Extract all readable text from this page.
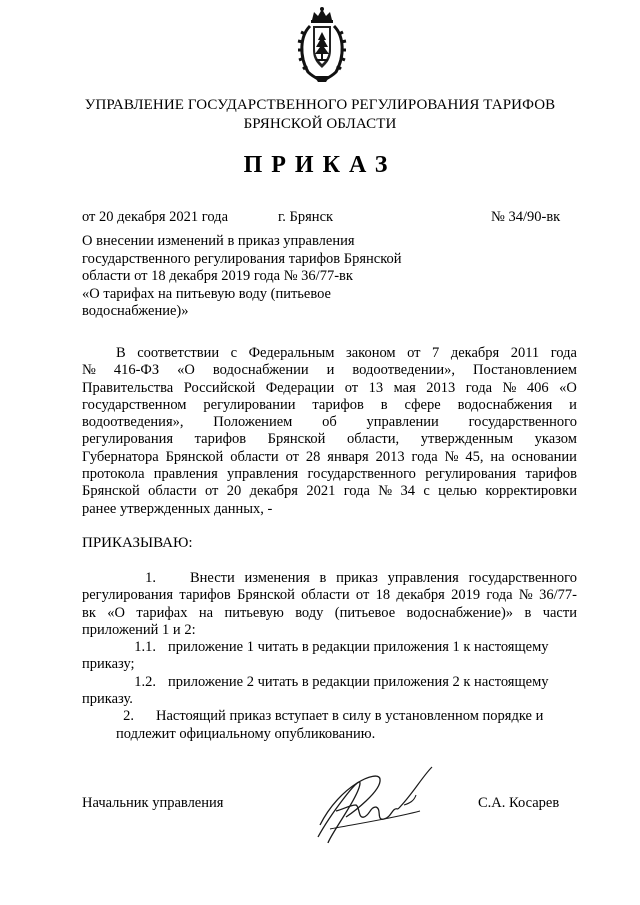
УПРАВЛЕНИЕ ГОСУДАРСТВЕННОГО РЕГУЛИРОВАНИЯ ТАРИФОВ
БРЯНСКОЙ ОБЛАСТИ
ПРИКАЗ
от 20 декабря 2021 года	г. Брянск	№ 34/90-вк
О внесении изменений в приказ управления
государственного регулирования тарифов Брянской
области от 18 декабря 2019 года № 36/77-вк
«О тарифах на питьевую воду (питьевое
водоснабжение)»
В соответствии с Федеральным законом от 7 декабря 2011 года
№ 416-ФЗ «О водоснабжении и водоотведении», Постановлением
Правительства Российской Федерации от 13 мая 2013 года № 406 «О
государственном регулировании тарифов в сфере водоснабжения и
водоотведения», Положением об управлении государственного
регулирования тарифов Брянской области, утвержденным указом
Губернатора Брянской области от 28 января 2013 года № 45, на основании
протокола правления управления государственного регулирования тарифов
Брянской области от 20 декабря 2021 года № 34 с целью корректировки
ранее утвержденных данных, -
ПРИКАЗЫВАЮ:
1. Внести изменения в приказ управления государственного
регулирования тарифов Брянской области от 18 декабря 2019 года № 36/77-
вк «О тарифах на питьевую воду (питьевое водоснабжение)» в части
приложений 1 и 2:
1.1. приложение 1 читать в редакции приложения 1 к настоящему
приказу;
1.2. приложение 2 читать в редакции приложения 2 к настоящему
приказу.
2.	Настоящий приказ вступает в силу в установленном порядке и
подлежит официальному опубликованию.
Начальник управления	С.А. Косарев
